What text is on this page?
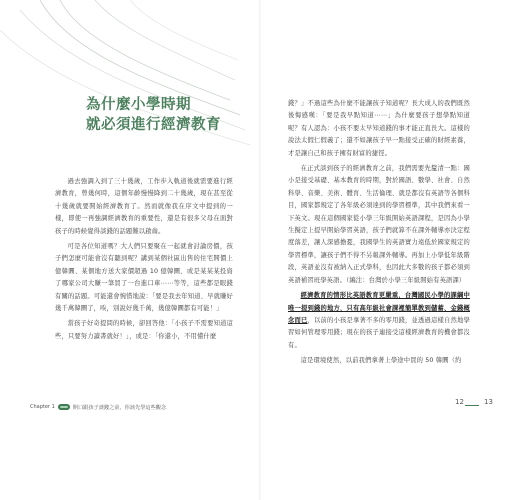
為什麼小學時期
就必須進行經濟教育

過去強調入到了三十幾歲，工作步入軌道後就需要進行經濟教育，曾幾何時，這個年齡慢慢降到二十幾歲，現在甚至從十幾歲就要開始經濟教育了。然而就像我在序文中提到的一樣，即使一再強調經濟教育的重要性，還是有很多父母在面對孩子的時候覺得談錢的話題難以啟齒。

可是各位知道嗎？大人們只要聚在一起就會討論房價，孩子們怎麼可能會沒有聽到呢？講到某個社區出售的住宅開價上億韓圜、某個地方送大家價超過 10 億韓圜、或是某某某投資了哪家公司大賺一筆買了一台進口車⋯⋯等等，這些都是眼錢有關的話題。可能還會惋惜地說：「要是我去年知道、早就賺好幾千萬韓圜了，唉，別說好幾千萬，幾億韓圜都有可能！」

當孩子好奇提問的時候，卻回答他：「小孩子不需要知道這些，只要努力讀書就好！」，或是：「你還小，不用懂什麼

Chapter 1	開口跟孩子談錢之前，你該先學這些觀念

錢？」不過這些為什麼不能讓孩子知道呢？長大成人的我們既然後悔感嘆：「要是我早點知道⋯⋯」為什麼要孩子想學點知道呢？有人認為：小孩不要太早知道錢的事才能正直長大。這樣的說法太假仁假義了；還不如讓孩子早一點接受正確的財經素養，才是讓自己和孩子擁有財富的捷徑。

在正式談到孩子的經濟教育之前，我們需要先釐清一點：國小是接受基礎、基本教育的時期，對於國語、數學、社會、自然科學、音樂、美術、體育、生活倫理、就是都沒有英語等各個科目，國家都規定了各年級必須達到的學習標準，其中我們來看一下英文。現在這個國家從小學三年級開始英語課程，是因為小學生擬定上提早開始學習英語，孩子們就算不在課外輔導亦決定程度落差，讓人深感擔憂，我國學生的英語實力遠低於國家規定的學習標準，讓孩子們不得不另報課外輔導。再加上小學低年級階段，英語並沒有被納入正式學科，也因此大多數的孩子都必須到英語補習班學英語。（編注：台灣於小學三年級開始有英語課）

經濟教育的情形比英語教育更嚴重，台灣國民小學的課綱中唯一提到錢的地方，只有高年級社會課裡簡單教到儲蓄、金錢概念而已，以前的小孩是拿著不多的零用錢，並透過這樣自然地學習如何管理零用錢；現在的孩子連接受這樣經濟教育的機會都沒有。

這是環境使然，以前我們拿著上學途中買的 50 韓圜（約

12	13
